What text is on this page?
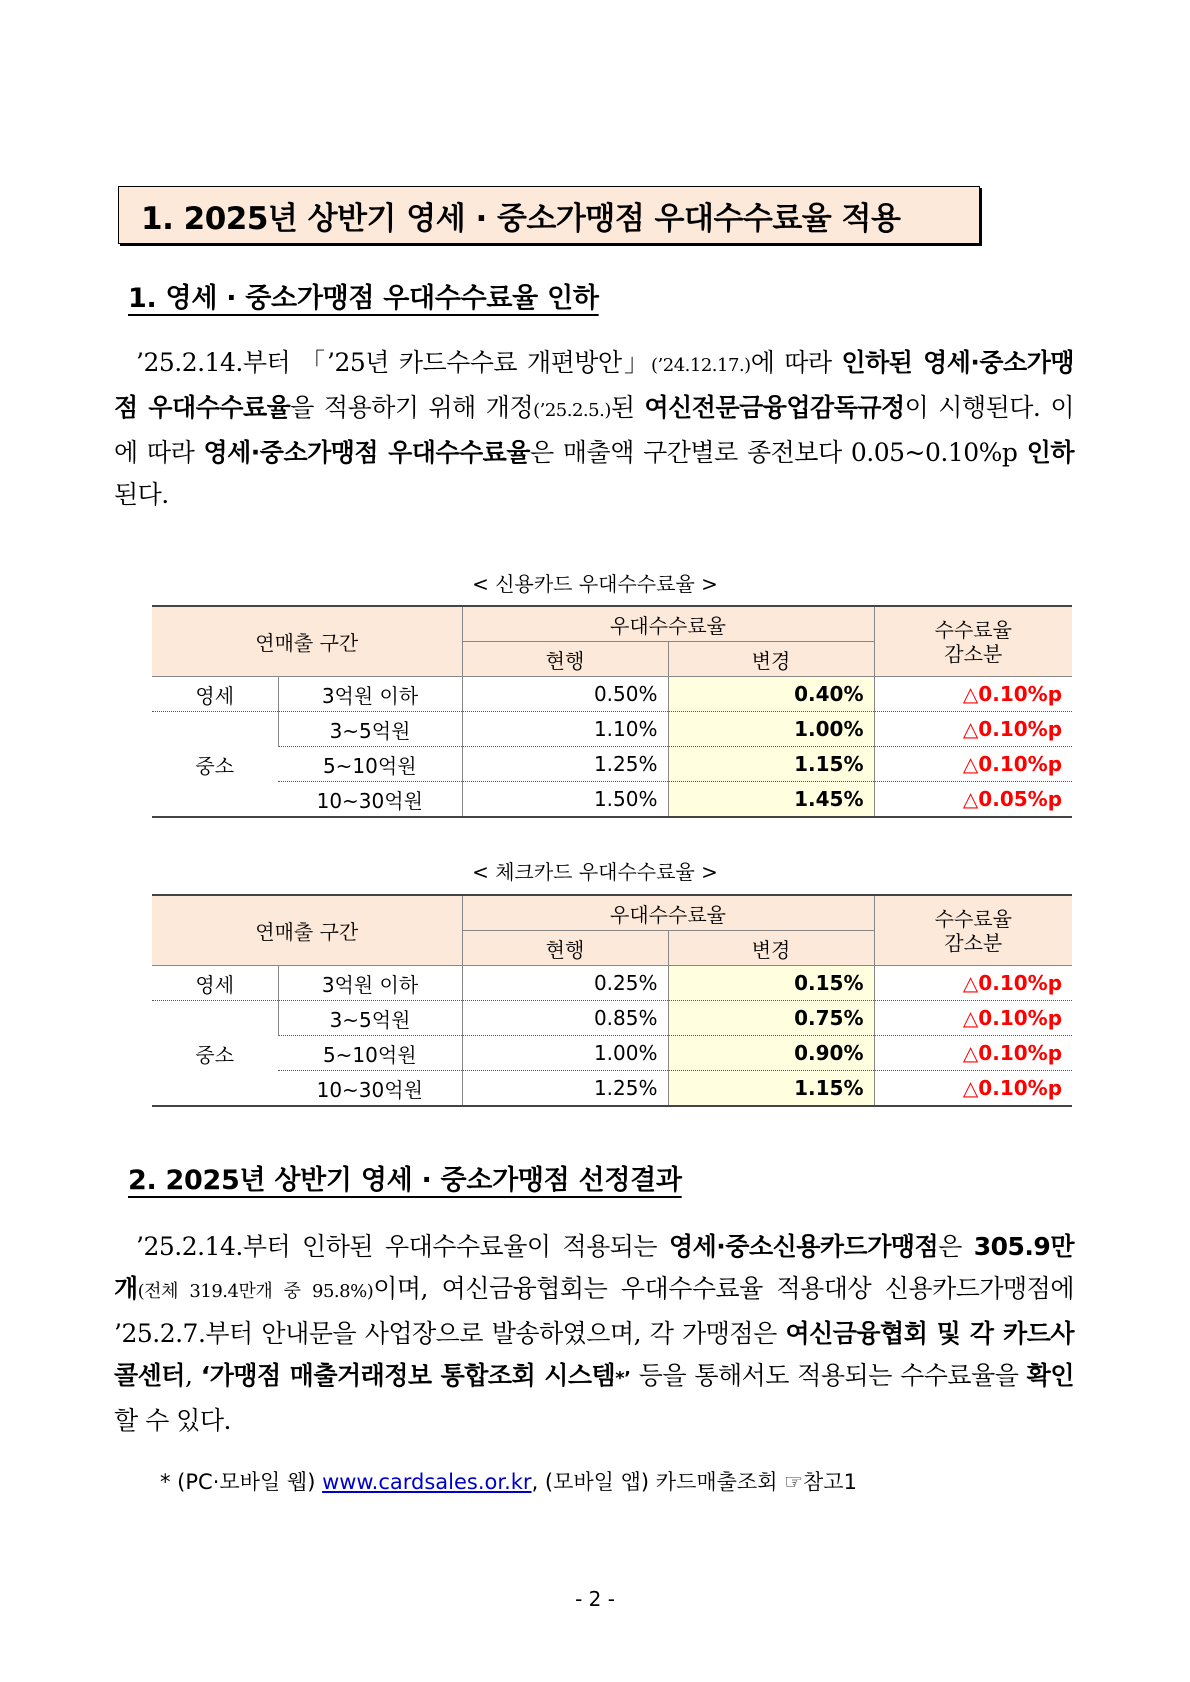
1. 2025년 상반기 영세 · 중소가맹점 우대수수료율 적용
1. 영세 · 중소가맹점 우대수수료율 인하
’25.2.14.부터 「’25년 카드수수료 개편방안」(’24.12.17.)에 따라 인하된 영세·중소가맹점 우대수수료율을 적용하기 위해 개정(’25.2.5.)된 여신전문금융업감독규정이 시행된다. 이에 따라 영세·중소가맹점 우대수수료율은 매출액 구간별로 종전보다 0.05~0.10%p 인하된다.
< 신용카드 우대수수료율 >
연매출 구간		우대수수료율		수수료율
감소분

		현행	변경	
영세	3억원 이하	0.50%	0.40%	△0.10%p
중소	3~5억원	1.10%	1.00%	△0.10%p
	5~10억원	1.25%	1.15%	△0.10%p
	10~30억원	1.50%	1.45%	△0.05%p
< 체크카드 우대수수료율 >
연매출 구간		우대수수료율		수수료율
감소분

		현행	변경	
영세	3억원 이하	0.25%	0.15%	△0.10%p
중소	3~5억원	0.85%	0.75%	△0.10%p
	5~10억원	1.00%	0.90%	△0.10%p
	10~30억원	1.25%	1.15%	△0.10%p
2. 2025년 상반기 영세 · 중소가맹점 선정결과
’25.2.14.부터 인하된 우대수수료율이 적용되는 영세·중소신용카드가맹점은 305.9만개(전체 319.4만개 중 95.8%)이며, 여신금융협회는 우대수수료율 적용대상 신용카드가맹점에 ’25.2.7.부터 안내문을 사업장으로 발송하였으며, 각 가맹점은 여신금융협회 및 각 카드사 콜센터, ‘가맹점 매출거래정보 통합조회 시스템*’ 등을 통해서도 적용되는 수수료율을 확인할 수 있다.
* (PC·모바일 웹) www.cardsales.or.kr, (모바일 앱) 카드매출조회 ☞참고1
- 2 -
